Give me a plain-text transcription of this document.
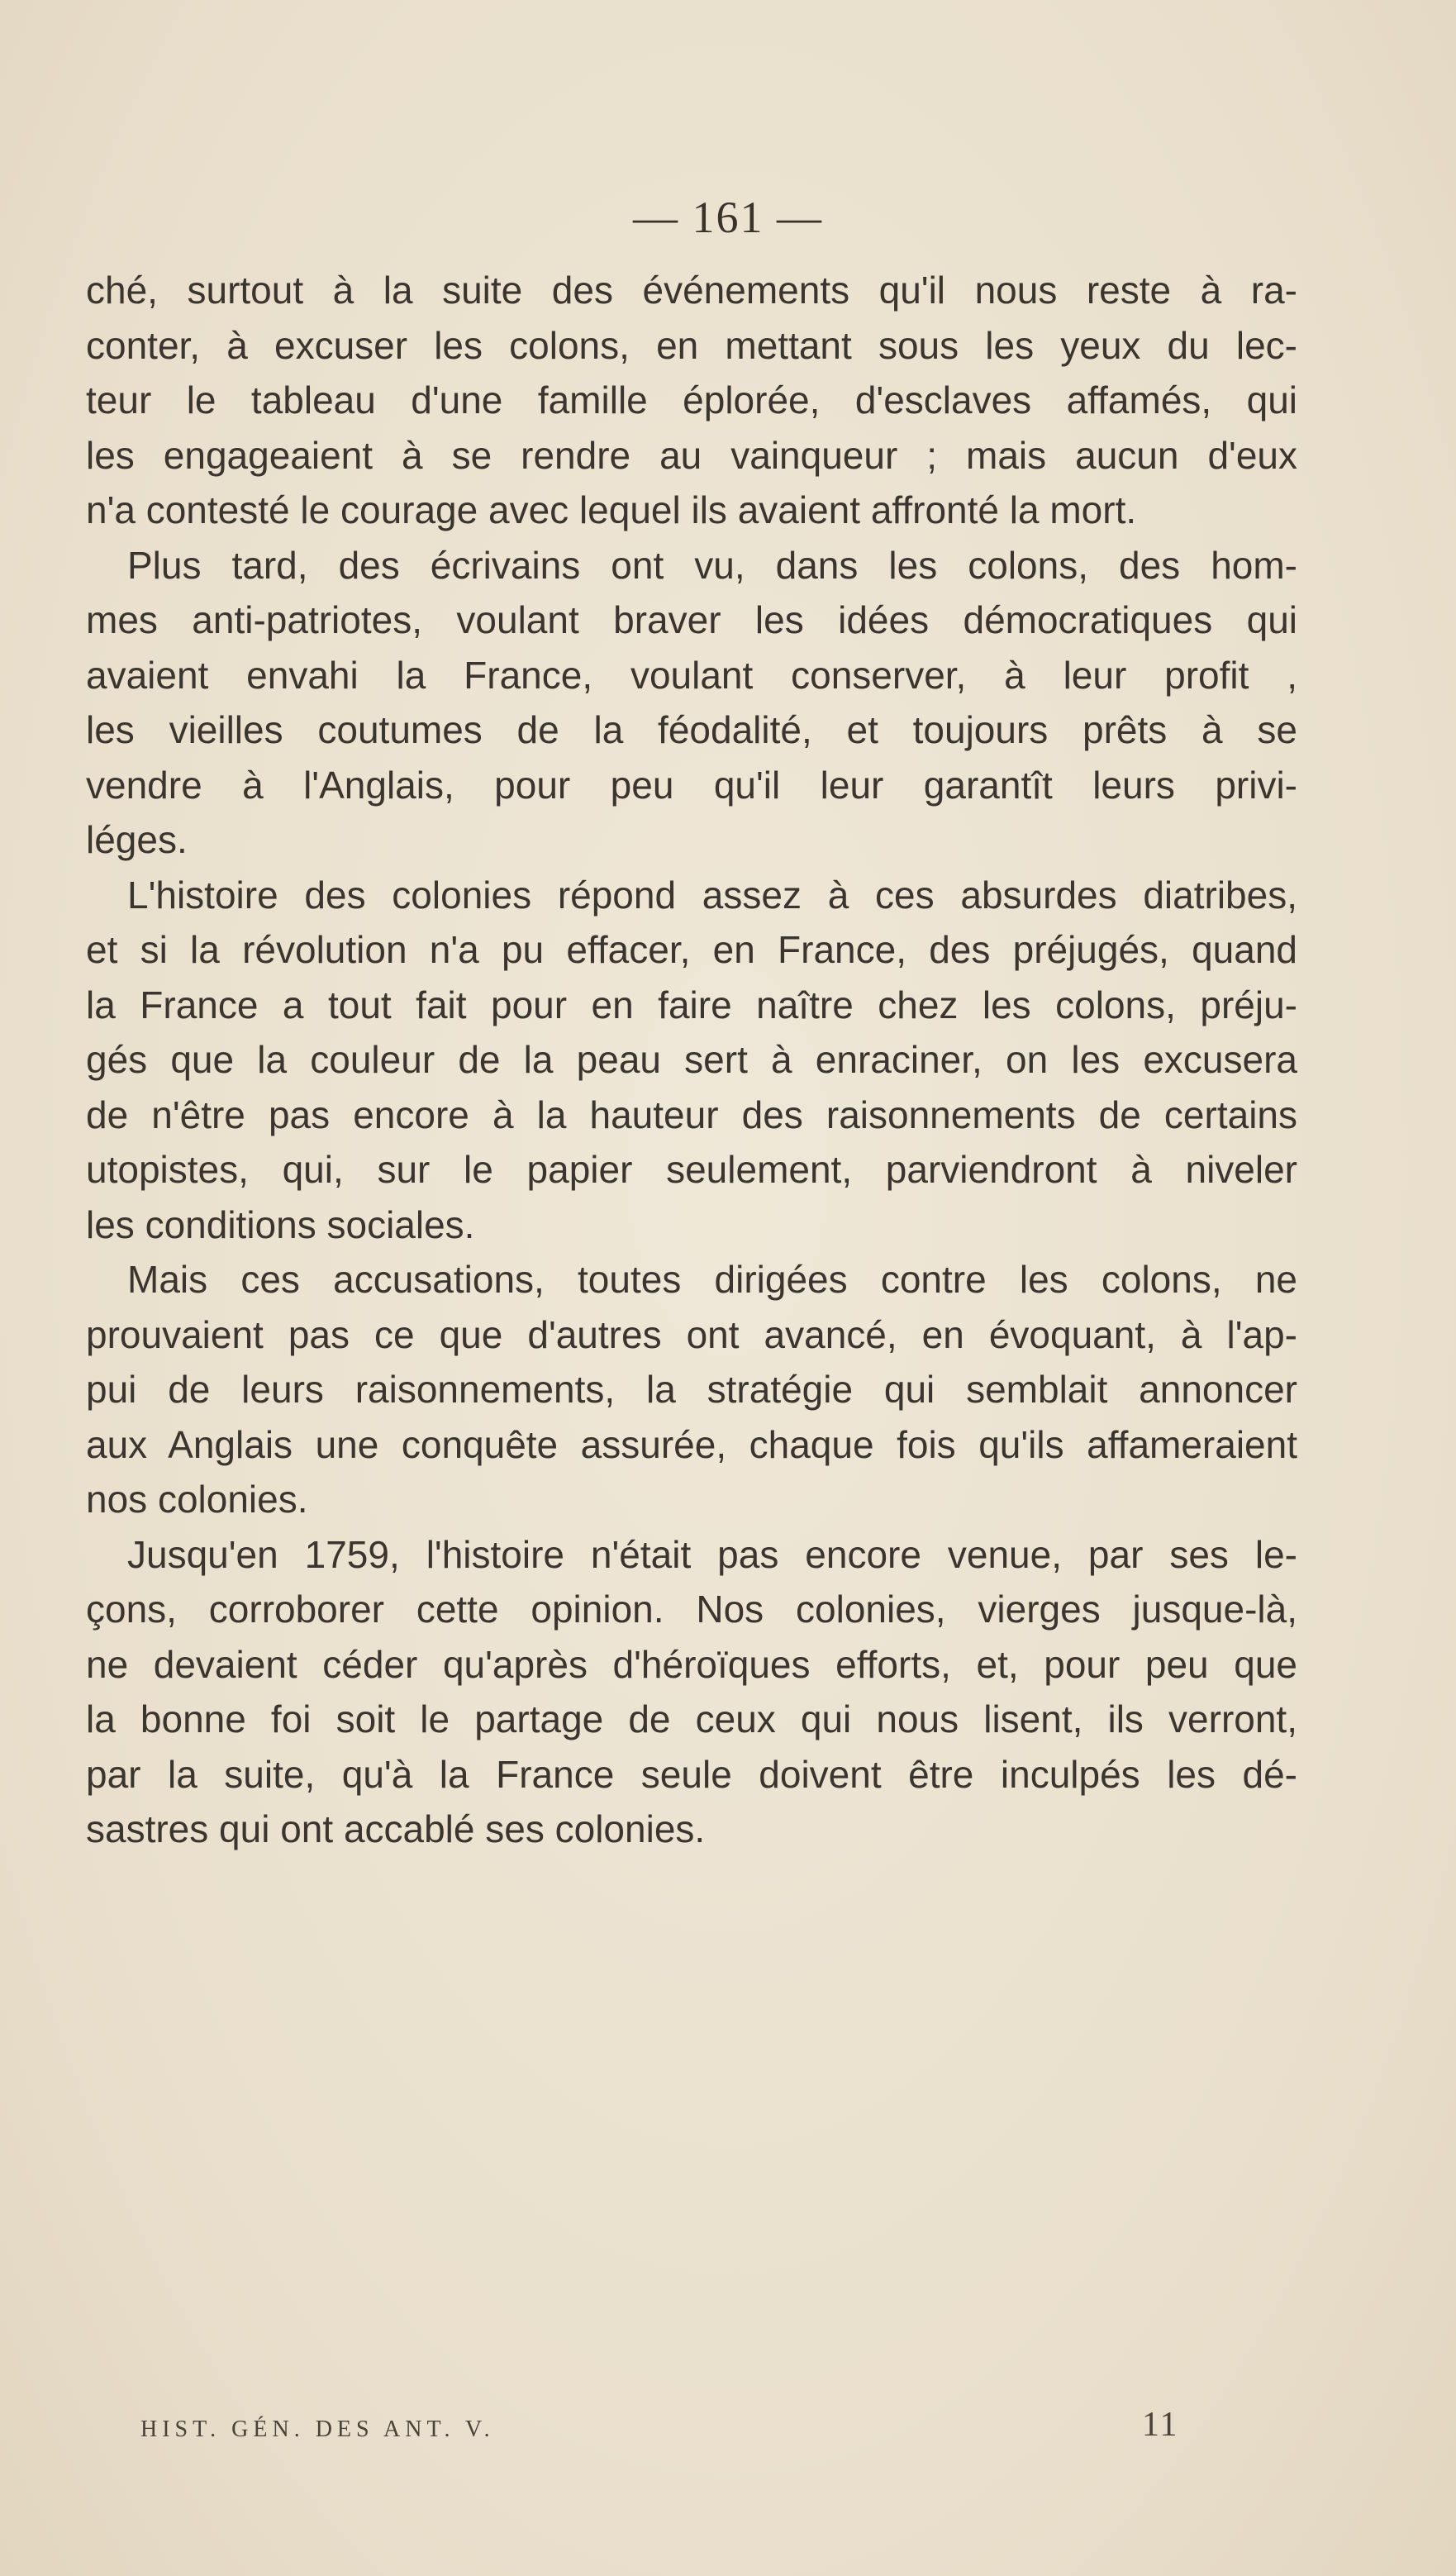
— 161 —
ché, surtout à la suite des événements qu'il nous reste à ra-
conter, à excuser les colons, en mettant sous les yeux du lec-
teur le tableau d'une famille éplorée, d'esclaves affamés, qui
les engageaient à se rendre au vainqueur ; mais aucun d'eux
n'a contesté le courage avec lequel ils avaient affronté la mort.
Plus tard, des écrivains ont vu, dans les colons, des hom-
mes anti-patriotes, voulant braver les idées démocratiques qui
avaient envahi la France, voulant conserver, à leur profit ,
les vieilles coutumes de la féodalité, et toujours prêts à se
vendre à l'Anglais, pour peu qu'il leur garantît leurs privi-
léges.
L'histoire des colonies répond assez à ces absurdes diatribes,
et si la révolution n'a pu effacer, en France, des préjugés, quand
la France a tout fait pour en faire naître chez les colons, préju-
gés que la couleur de la peau sert à enraciner, on les excusera
de n'être pas encore à la hauteur des raisonnements de certains
utopistes, qui, sur le papier seulement, parviendront à niveler
les conditions sociales.
Mais ces accusations, toutes dirigées contre les colons, ne
prouvaient pas ce que d'autres ont avancé, en évoquant, à l'ap-
pui de leurs raisonnements, la stratégie qui semblait annoncer
aux Anglais une conquête assurée, chaque fois qu'ils affameraient
nos colonies.
Jusqu'en 1759, l'histoire n'était pas encore venue, par ses le-
çons, corroborer cette opinion. Nos colonies, vierges jusque-là,
ne devaient céder qu'après d'héroïques efforts, et, pour peu que
la bonne foi soit le partage de ceux qui nous lisent, ils verront,
par la suite, qu'à la France seule doivent être inculpés les dé-
sastres qui ont accablé ses colonies.
HIST. GÉN. DES ANT. V.	11
